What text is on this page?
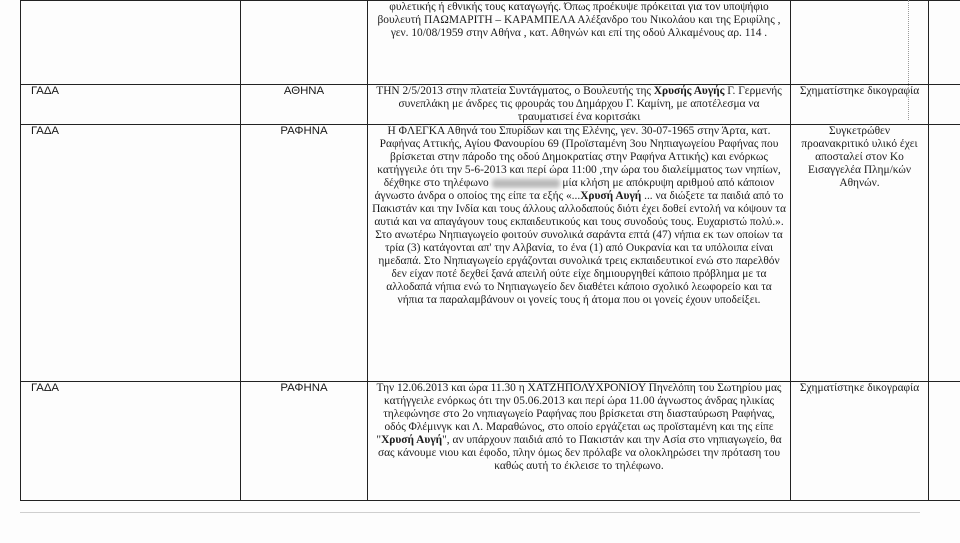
		φυλετικής ή εθνικής τους καταγωγής. Όπως προέκυψε πρόκειται για τον υποψήφιο βουλευτή ΠΑΩΜΑΡΙΤΗ – ΚΑΡΑΜΠΕΛΑ Αλέξανδρο του Νικολάου και της Εριφίλης , γεν. 10/08/1959 στην Αθήνα , κατ. Αθηνών και επί της οδού Αλκαμένους αρ. 114 .		

ΓΑΔΑ	ΑΘΗΝΑ	ΤΗΝ 2/5/2013 στην πλατεία Συντάγματος, ο Βουλευτής της Χρυσής Αυγής Γ. Γερμενής συνεπλάκη με άνδρες τις φρουράς του Δημάρχου Γ. Καμίνη, με αποτέλεσμα να τραυματισεί ένα κοριτσάκι	Σχηματίστηκε δικογραφία	

ΓΑΔΑ	ΡΑΦΗΝΑ	Η ΦΛΕΓΚΑ Αθηνά του Σπυρίδων και της Ελένης, γεν. 30-07-1965 στην Άρτα, κατ. Ραφήνας Αττικής, Αγίου Φανουρίου 69 (Προϊσταμένη 3ου Νηπιαγωγείου Ραφήνας που βρίσκεται στην πάροδο της οδού Δημοκρατίας στην Ραφήνα Αττικής) και ενόρκως κατήγγειλε ότι την 5-6-2013 και περί ώρα 11:00 ,την ώρα του διαλείμματος των νηπίων, δέχθηκε στο τηλέφωνο μία κλήση με απόκρυψη αριθμού από κάποιον άγνωστο άνδρα ο οποίος της είπε τα εξής «...Χρυσή Αυγή ... να διώξετε τα παιδιά από το Πακιστάν και την Ινδία και τους άλλους αλλοδαπούς διότι έχει δοθεί εντολή να κόψουν τα αυτιά και να απαγάγουν τους εκπαιδευτικούς και τους συνοδούς τους. Ευχαριστώ πολύ.». Στο ανωτέρω Νηπιαγωγείο φοιτούν συνολικά σαράντα επτά (47) νήπια εκ των οποίων τα τρία (3) κατάγονται απ' την Αλβανία, το ένα (1) από Ουκρανία και τα υπόλοιπα είναι ημεδαπά. Στο Νηπιαγωγείο εργάζονται συνολικά τρεις εκπαιδευτικοί ενώ στο παρελθόν δεν είχαν ποτέ δεχθεί ξανά απειλή ούτε είχε δημιουργηθεί κάποιο πρόβλημα με τα αλλοδαπά νήπια ενώ το Νηπιαγωγείο δεν διαθέτει κάποιο σχολικό λεωφορείο και τα νήπια τα παραλαμβάνουν οι γονείς τους ή άτομα που οι γονείς έχουν υποδείξει.	Συγκετρώθεν προανακριτικό υλικό έχει αποσταλεί στον Κο Εισαγγελέα Πλημ/κών Αθηνών.	

ΓΑΔΑ	ΡΑΦΗΝΑ	Την 12.06.2013 και ώρα 11.30 η ΧΑΤΖΗΠΟΛΥΧΡΟΝΙΟΥ Πηνελόπη του Σωτηρίου μας κατήγγειλε ενόρκως ότι την 05.06.2013 και περί ώρα 11.00 άγνωστος άνδρας ηλικίας τηλεφώνησε στο 2ο νηπιαγωγείο Ραφήνας που βρίσκεται στη διασταύρωση Ραφήνας, οδός Φλέμινγκ και Λ. Μαραθώνος, στο οποίο εργάζεται ως προϊσταμένη και της είπε "Χρυσή Αυγή", αν υπάρχουν παιδιά από το Πακιστάν και την Ασία στο νηπιαγωγείο, θα σας κάνουμε νιου και έφοδο, πλην όμως δεν πρόλαβε να ολοκληρώσει την πρόταση του καθώς αυτή το έκλεισε το τηλέφωνο.	Σχηματίστηκε δικογραφία	
